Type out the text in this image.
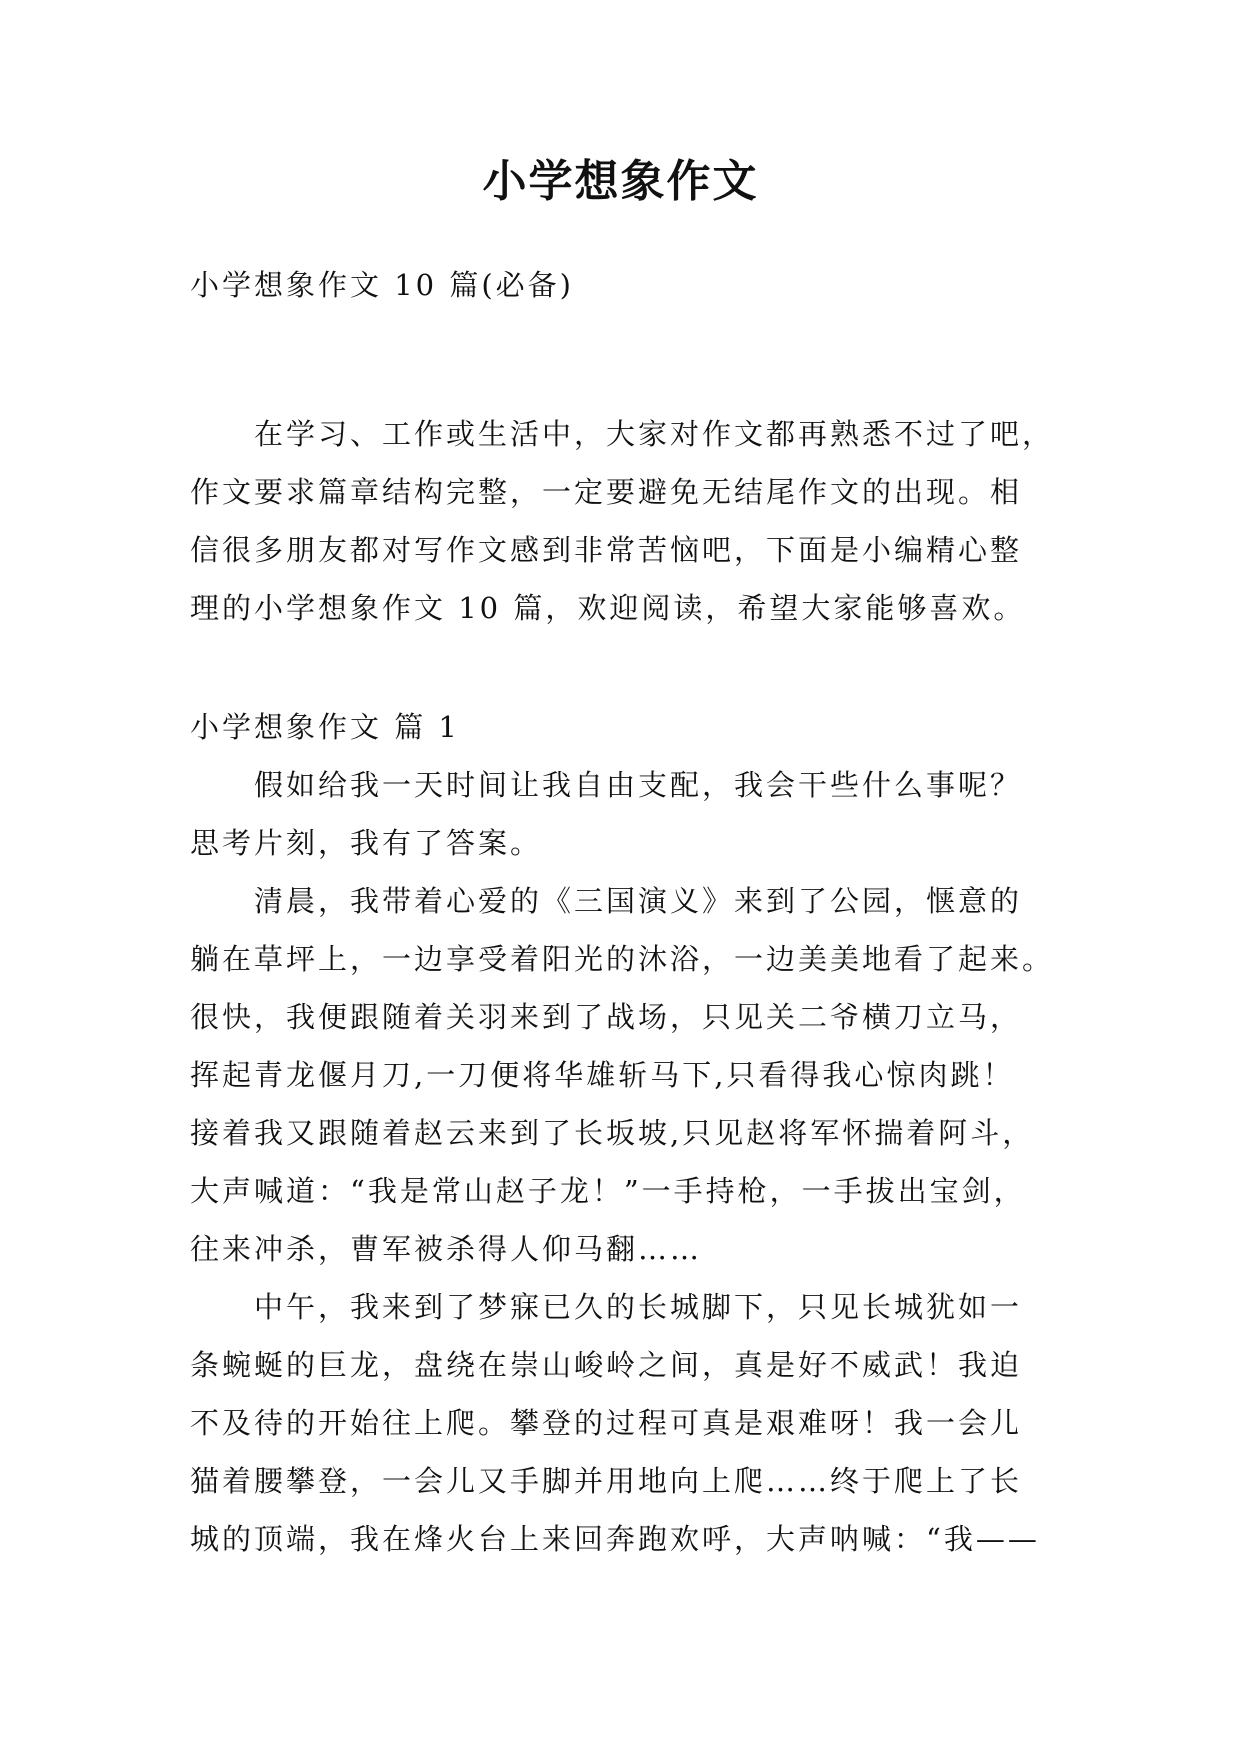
小学想象作文

小学想象作文 10 篇(必备)

　　在学习、工作或生活中，大家对作文都再熟悉不过了吧，
作文要求篇章结构完整，一定要避免无结尾作文的出现。相
信很多朋友都对写作文感到非常苦恼吧，下面是小编精心整
理的小学想象作文 10 篇，欢迎阅读，希望大家能够喜欢。
小学想象作文 篇 1
　　假如给我一天时间让我自由支配，我会干些什么事呢？
思考片刻，我有了答案。
　　清晨，我带着心爱的《三国演义》来到了公园，惬意的
躺在草坪上，一边享受着阳光的沐浴，一边美美地看了起来。
很快，我便跟随着关羽来到了战场，只见关二爷横刀立马，
挥起青龙偃月刀,一刀便将华雄斩马下,只看得我心惊肉跳！
接着我又跟随着赵云来到了长坂坡,只见赵将军怀揣着阿斗，
大声喊道：“我是常山赵子龙！”一手持枪，一手拔出宝剑，
往来冲杀，曹军被杀得人仰马翻……
　　中午，我来到了梦寐已久的长城脚下，只见长城犹如一
条蜿蜒的巨龙，盘绕在崇山峻岭之间，真是好不威武！我迫
不及待的开始往上爬。攀登的过程可真是艰难呀！我一会儿
猫着腰攀登，一会儿又手脚并用地向上爬……终于爬上了长
城的顶端，我在烽火台上来回奔跑欢呼，大声呐喊：“我——
